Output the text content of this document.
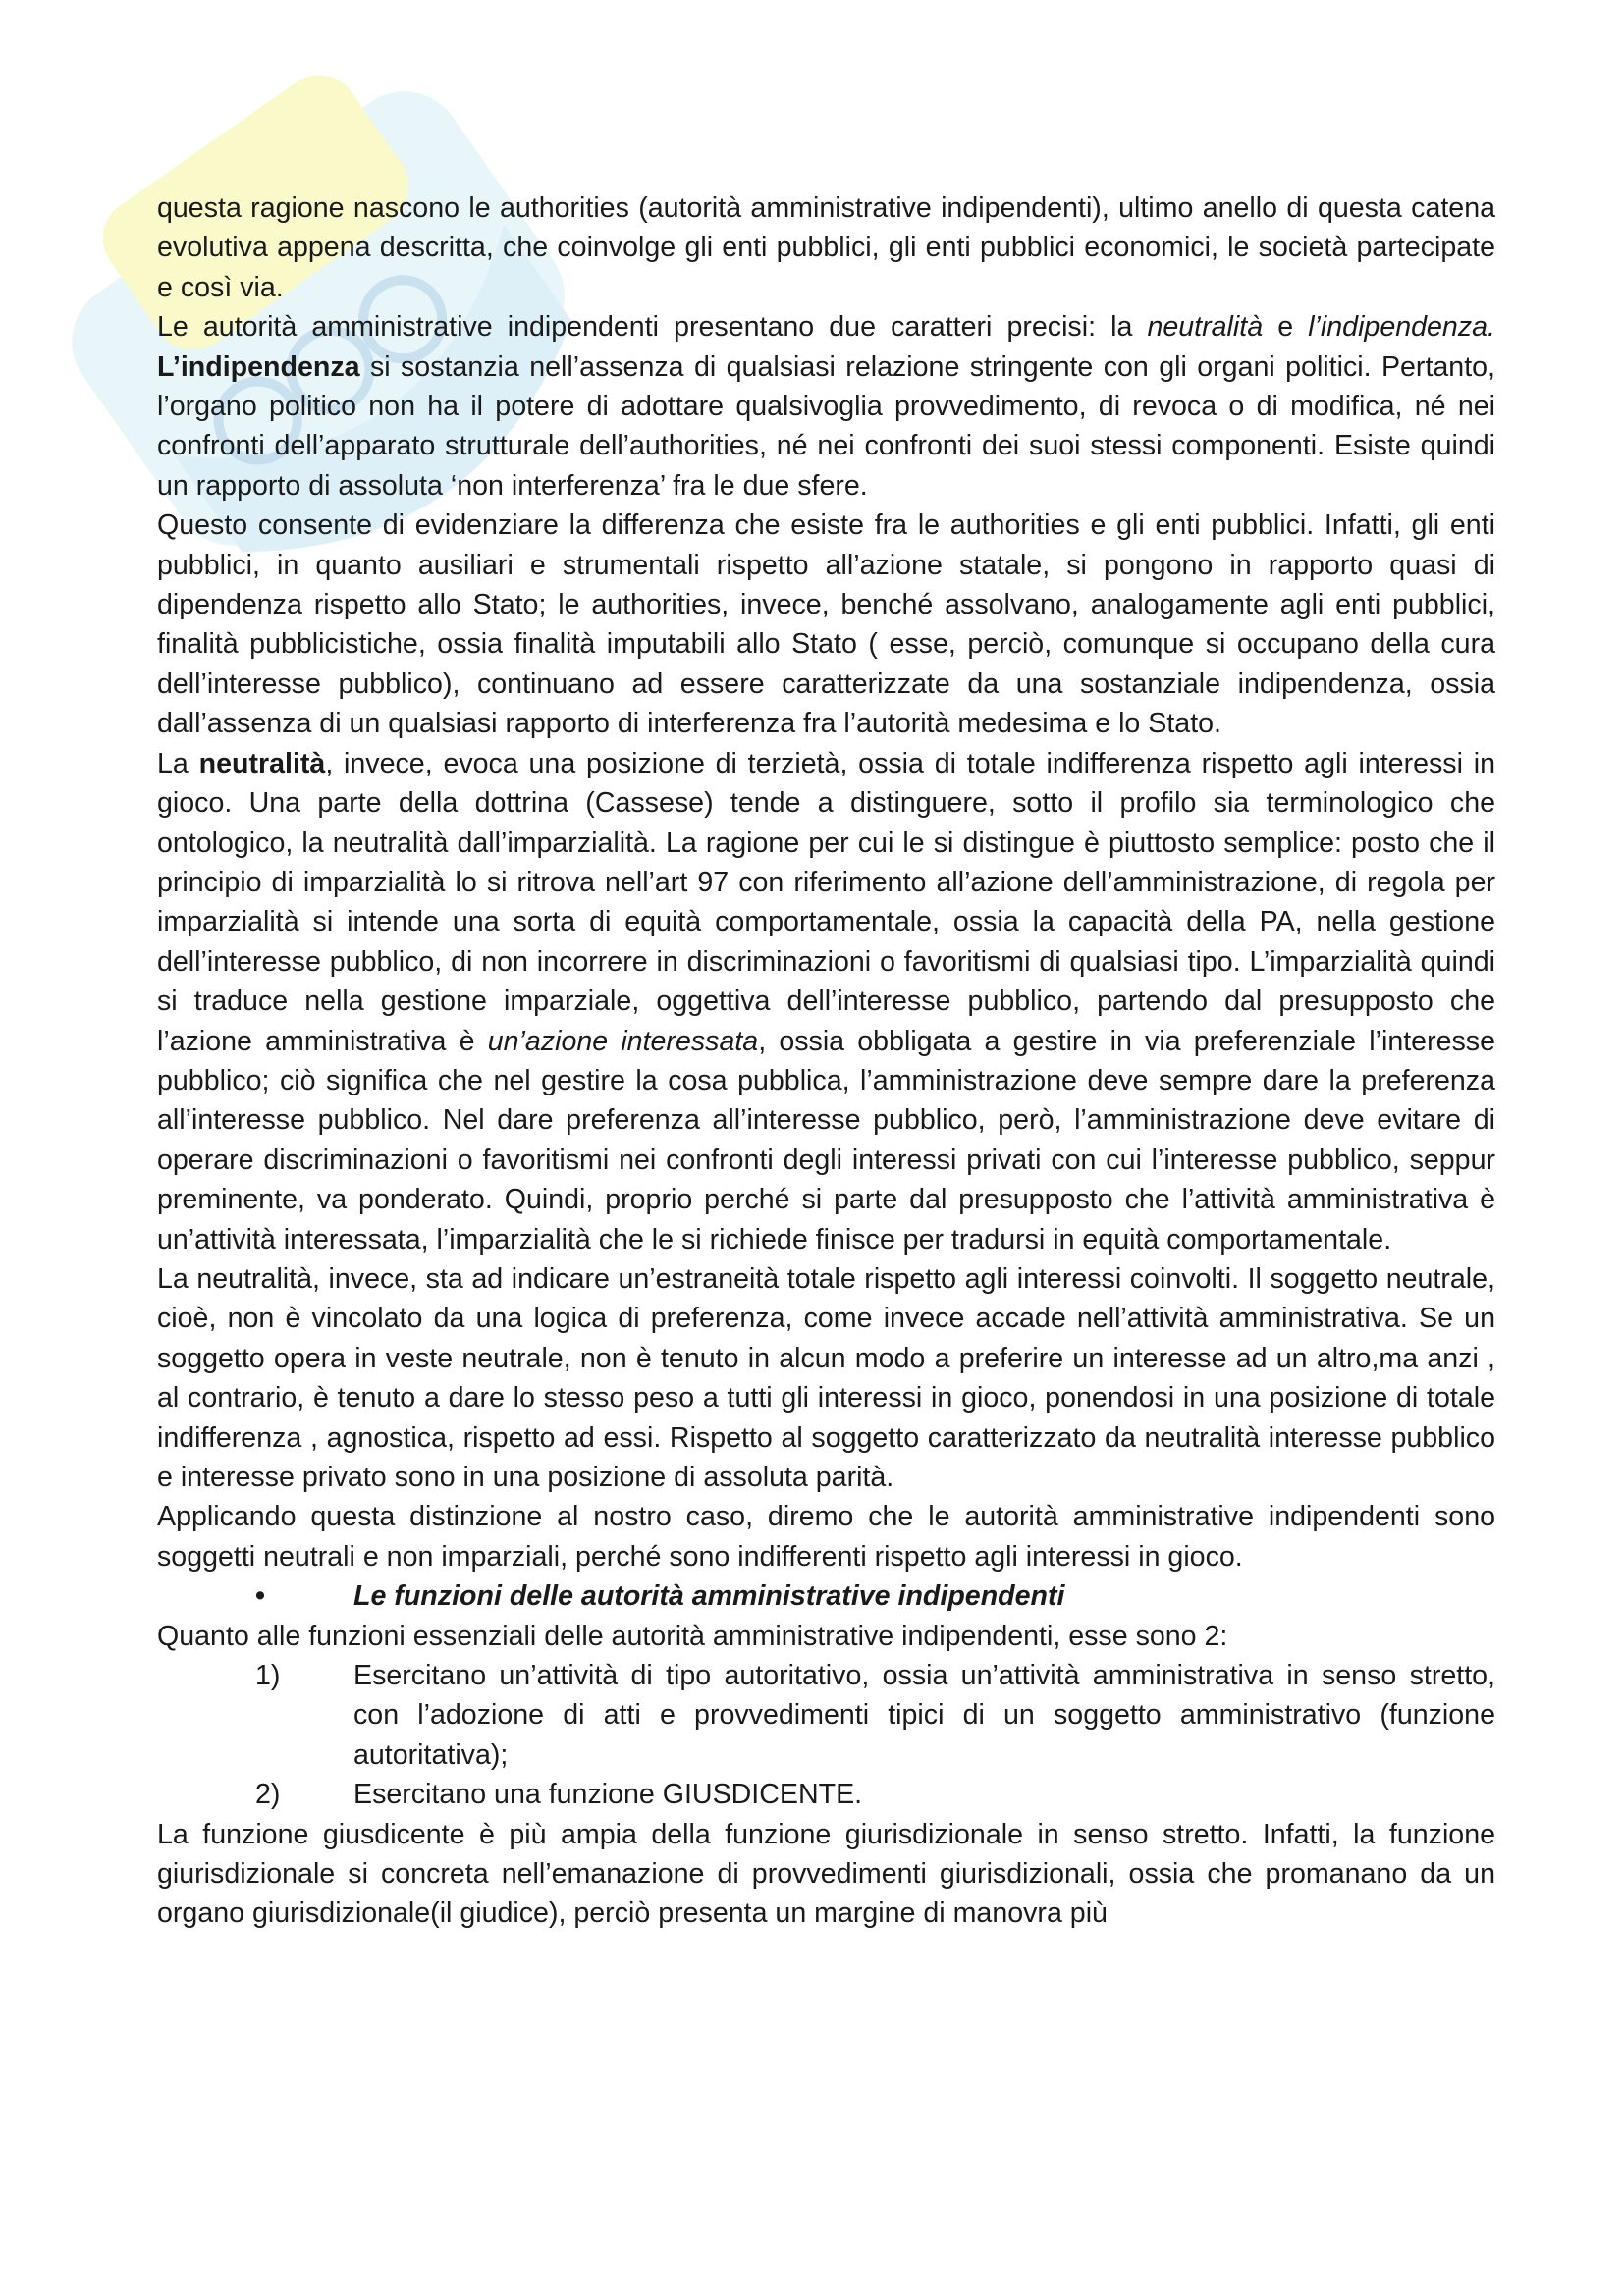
questa ragione nascono le authorities (autorità amministrative indipendenti), ultimo anello di questa catena evolutiva appena descritta, che coinvolge gli enti pubblici, gli enti pubblici economici, le società partecipate e così via.

Le autorità amministrative indipendenti presentano due caratteri precisi: la neutralità e l’indipendenza. L’indipendenza si sostanzia nell’assenza di qualsiasi relazione stringente con gli organi politici. Pertanto, l’organo politico non ha il potere di adottare qualsivoglia provvedimento, di revoca o di modifica, né nei confronti dell’apparato strutturale dell’authorities, né nei confronti dei suoi stessi componenti. Esiste quindi un rapporto di assoluta ‘non interferenza’ fra le due sfere.

Questo consente di evidenziare la differenza che esiste fra le authorities e gli enti pubblici. Infatti, gli enti pubblici, in quanto ausiliari e strumentali rispetto all’azione statale, si pongono in rapporto quasi di dipendenza rispetto allo Stato; le authorities, invece, benché assolvano, analogamente agli enti pubblici, finalità pubblicistiche, ossia finalità imputabili allo Stato ( esse, perciò, comunque si occupano della cura dell’interesse pubblico), continuano ad essere caratterizzate da una sostanziale indipendenza, ossia dall’assenza di un qualsiasi rapporto di interferenza fra l’autorità medesima e lo Stato.

La neutralità, invece, evoca una posizione di terzietà, ossia di totale indifferenza rispetto agli interessi in gioco. Una parte della dottrina (Cassese) tende a distinguere, sotto il profilo sia terminologico che ontologico, la neutralità dall’imparzialità. La ragione per cui le si distingue è piuttosto semplice: posto che il principio di imparzialità lo si ritrova nell’art 97 con riferimento all’azione dell’amministrazione, di regola per imparzialità si intende una sorta di equità comportamentale, ossia la capacità della PA, nella gestione dell’interesse pubblico, di non incorrere in discriminazioni o favoritismi di qualsiasi tipo. L’imparzialità quindi si traduce nella gestione imparziale, oggettiva dell’interesse pubblico, partendo dal presupposto che l’azione amministrativa è un’azione interessata, ossia obbligata a gestire in via preferenziale l’interesse pubblico; ciò significa che nel gestire la cosa pubblica, l’amministrazione deve sempre dare la preferenza all’interesse pubblico. Nel dare preferenza all’interesse pubblico, però, l’amministrazione deve evitare di operare discriminazioni o favoritismi nei confronti degli interessi privati con cui l’interesse pubblico, seppur preminente, va ponderato. Quindi, proprio perché si parte dal presupposto che l’attività amministrativa è un’attività interessata, l’imparzialità che le si richiede finisce per tradursi in equità comportamentale.

La neutralità, invece, sta ad indicare un’estraneità totale rispetto agli interessi coinvolti. Il soggetto neutrale, cioè, non è vincolato da una logica di preferenza, come invece accade nell’attività amministrativa. Se un soggetto opera in veste neutrale, non è tenuto in alcun modo a preferire un interesse ad un altro,ma anzi , al contrario, è tenuto a dare lo stesso peso a tutti gli interessi in gioco, ponendosi in una posizione di totale indifferenza , agnostica, rispetto ad essi. Rispetto al soggetto caratterizzato da neutralità interesse pubblico e interesse privato sono in una posizione di assoluta parità.

Applicando questa distinzione al nostro caso, diremo che le autorità amministrative indipendenti sono soggetti neutrali e non imparziali, perché sono indifferenti rispetto agli interessi in gioco.

•	Le funzioni delle autorità amministrative indipendenti

Quanto alle funzioni essenziali delle autorità amministrative indipendenti, esse sono 2:

1)	Esercitano un’attività di tipo autoritativo, ossia un’attività amministrativa in senso stretto, con l’adozione di atti e provvedimenti tipici di un soggetto amministrativo (funzione autoritativa);
2)	Esercitano una funzione GIUSDICENTE.

La funzione giusdicente è più ampia della funzione giurisdizionale in senso stretto. Infatti, la funzione giurisdizionale si concreta nell’emanazione di provvedimenti giurisdizionali, ossia che promanano da un organo giurisdizionale(il giudice), perciò presenta un margine di manovra più
